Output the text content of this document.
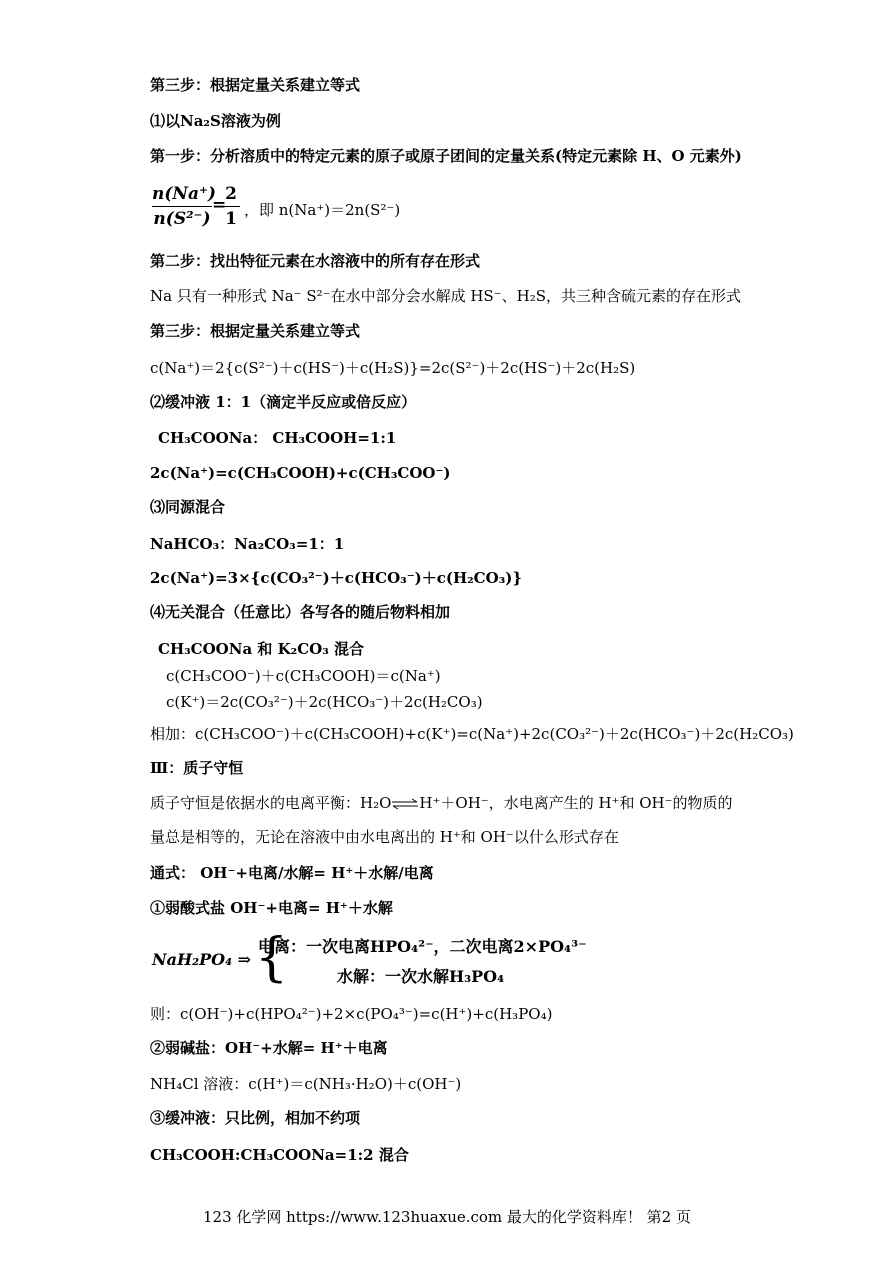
第三步：根据定量关系建立等式
⑴以Na₂S溶液为例
第一步：分析溶质中的特定元素的原子或原子团间的定量关系(特定元素除 H、O 元素外)
n(Na⁺)
n(S²⁻)
=
2
1 ，即 n(Na⁺)＝2n(S²⁻)
第二步：找出特征元素在水溶液中的所有存在形式
Na 只有一种形式 Na⁻ S²⁻在水中部分会水解成 HS⁻、H₂S，共三种含硫元素的存在形式
第三步：根据定量关系建立等式
c(Na⁺)＝2{c(S²⁻)＋c(HS⁻)＋c(H₂S)}=2c(S²⁻)＋2c(HS⁻)＋2c(H₂S)
⑵缓冲液 1：1（滴定半反应或倍反应）
CH₃COONa： CH₃COOH=1:1
2c(Na⁺)=c(CH₃COOH)+c(CH₃COO⁻)
⑶同源混合
NaHCO₃：Na₂CO₃=1：1
2c(Na⁺)=3×{c(CO₃²⁻)＋c(HCO₃⁻)＋c(H₂CO₃)}
⑷无关混合（任意比）各写各的随后物料相加
CH₃COONa 和 K₂CO₃ 混合
c(CH₃COO⁻)＋c(CH₃COOH)＝c(Na⁺)
c(K⁺)＝2c(CO₃²⁻)＋2c(HCO₃⁻)＋2c(H₂CO₃)
相加：c(CH₃COO⁻)＋c(CH₃COOH)+c(K⁺)=c(Na⁺)+2c(CO₃²⁻)＋2c(HCO₃⁻)＋2c(H₂CO₃)
Ⅲ：质子守恒
质子守恒是依据水的电离平衡：H₂O⇌H⁺＋OH⁻，水电离产生的 H⁺和 OH⁻的物质的
量总是相等的，无论在溶液中由水电离出的 H⁺和 OH⁻以什么形式存在
通式： OH⁻+电离/水解= H⁺＋水解/电离
①弱酸式盐 OH⁻+电离= H⁺＋水解
NaH₂PO₄ ⇒ {
电离：一次电离HPO₄²⁻，二次电离2×PO₄³⁻
水解：一次水解H₃PO₄
则：c(OH⁻)+c(HPO₄²⁻)+2×c(PO₄³⁻)=c(H⁺)+c(H₃PO₄)
②弱碱盐：OH⁻+水解= H⁺＋电离
NH₄Cl 溶液：c(H⁺)＝c(NH₃·H₂O)＋c(OH⁻)
③缓冲液：只比例，相加不约项
CH₃COOH:CH₃COONa=1:2 混合
123 化学网 https://www.123huaxue.com 最大的化学资料库！ 第2 页
